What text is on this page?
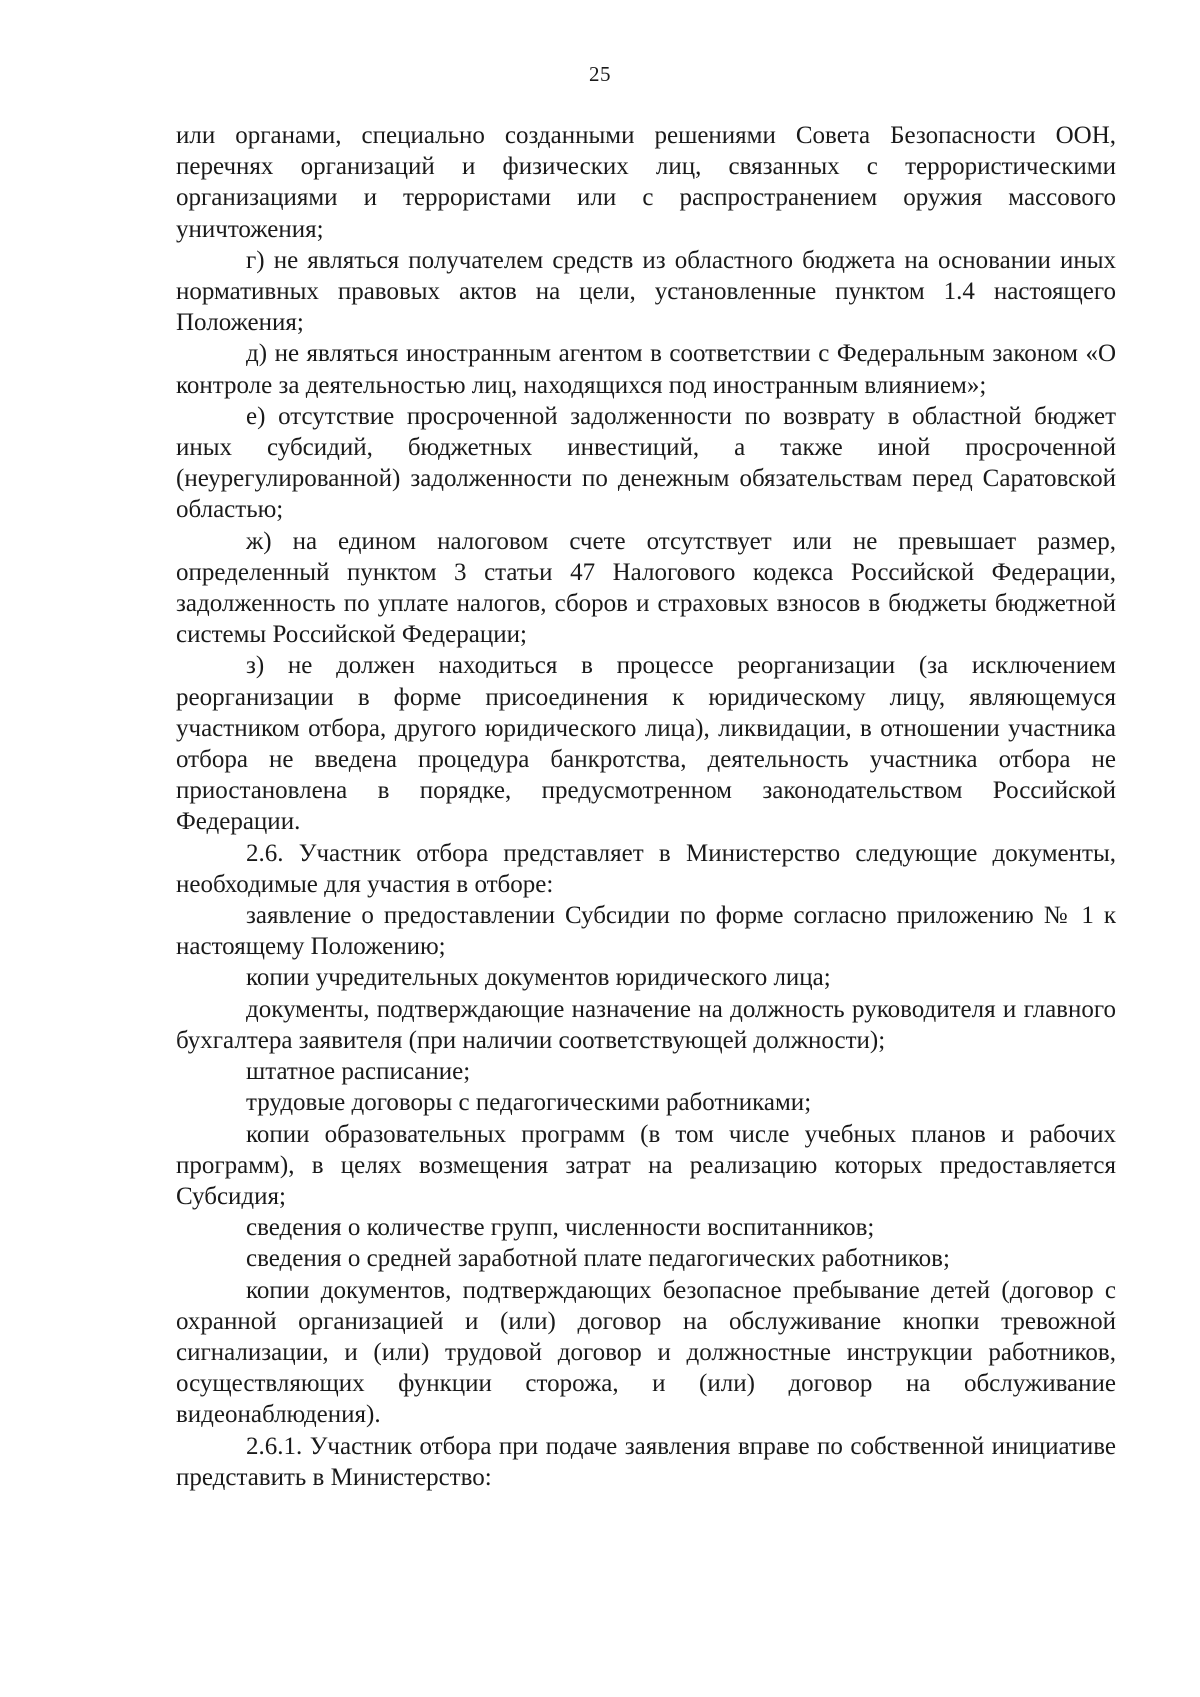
25

или органами, специально созданными решениями Совета Безопасности ООН, перечнях организаций и физических лиц, связанных с террористическими организациями и террористами или с распространением оружия массового уничтожения;

г) не являться получателем средств из областного бюджета на основании иных нормативных правовых актов на цели, установленные пунктом 1.4 настоящего Положения;

д) не являться иностранным агентом в соответствии с Федеральным законом «О контроле за деятельностью лиц, находящихся под иностранным влиянием»;

е) отсутствие просроченной задолженности по возврату в областной бюджет иных субсидий, бюджетных инвестиций, а также иной просроченной (неурегулированной) задолженности по денежным обязательствам перед Саратовской областью;

ж) на едином налоговом счете отсутствует или не превышает размер, определенный пунктом 3 статьи 47 Налогового кодекса Российской Федерации, задолженность по уплате налогов, сборов и страховых взносов в бюджеты бюджетной системы Российской Федерации;

з) не должен находиться в процессе реорганизации (за исключением реорганизации в форме присоединения к юридическому лицу, являющемуся участником отбора, другого юридического лица), ликвидации, в отношении участника отбора не введена процедура банкротства, деятельность участника отбора не приостановлена в порядке, предусмотренном законодательством Российской Федерации.

2.6. Участник отбора представляет в Министерство следующие документы, необходимые для участия в отборе:

заявление о предоставлении Субсидии по форме согласно приложению № 1 к настоящему Положению;

копии учредительных документов юридического лица;

документы, подтверждающие назначение на должность руководителя и главного бухгалтера заявителя (при наличии соответствующей должности);

штатное расписание;

трудовые договоры с педагогическими работниками;

копии образовательных программ (в том числе учебных планов и рабочих программ), в целях возмещения затрат на реализацию которых предоставляется Субсидия;

сведения о количестве групп, численности воспитанников;

сведения о средней заработной плате педагогических работников;

копии документов, подтверждающих безопасное пребывание детей (договор с охранной организацией и (или) договор на обслуживание кнопки тревожной сигнализации, и (или) трудовой договор и должностные инструкции работников, осуществляющих функции сторожа, и (или) договор на обслуживание видеонаблюдения).

2.6.1. Участник отбора при подаче заявления вправе по собственной инициативе представить в Министерство:
